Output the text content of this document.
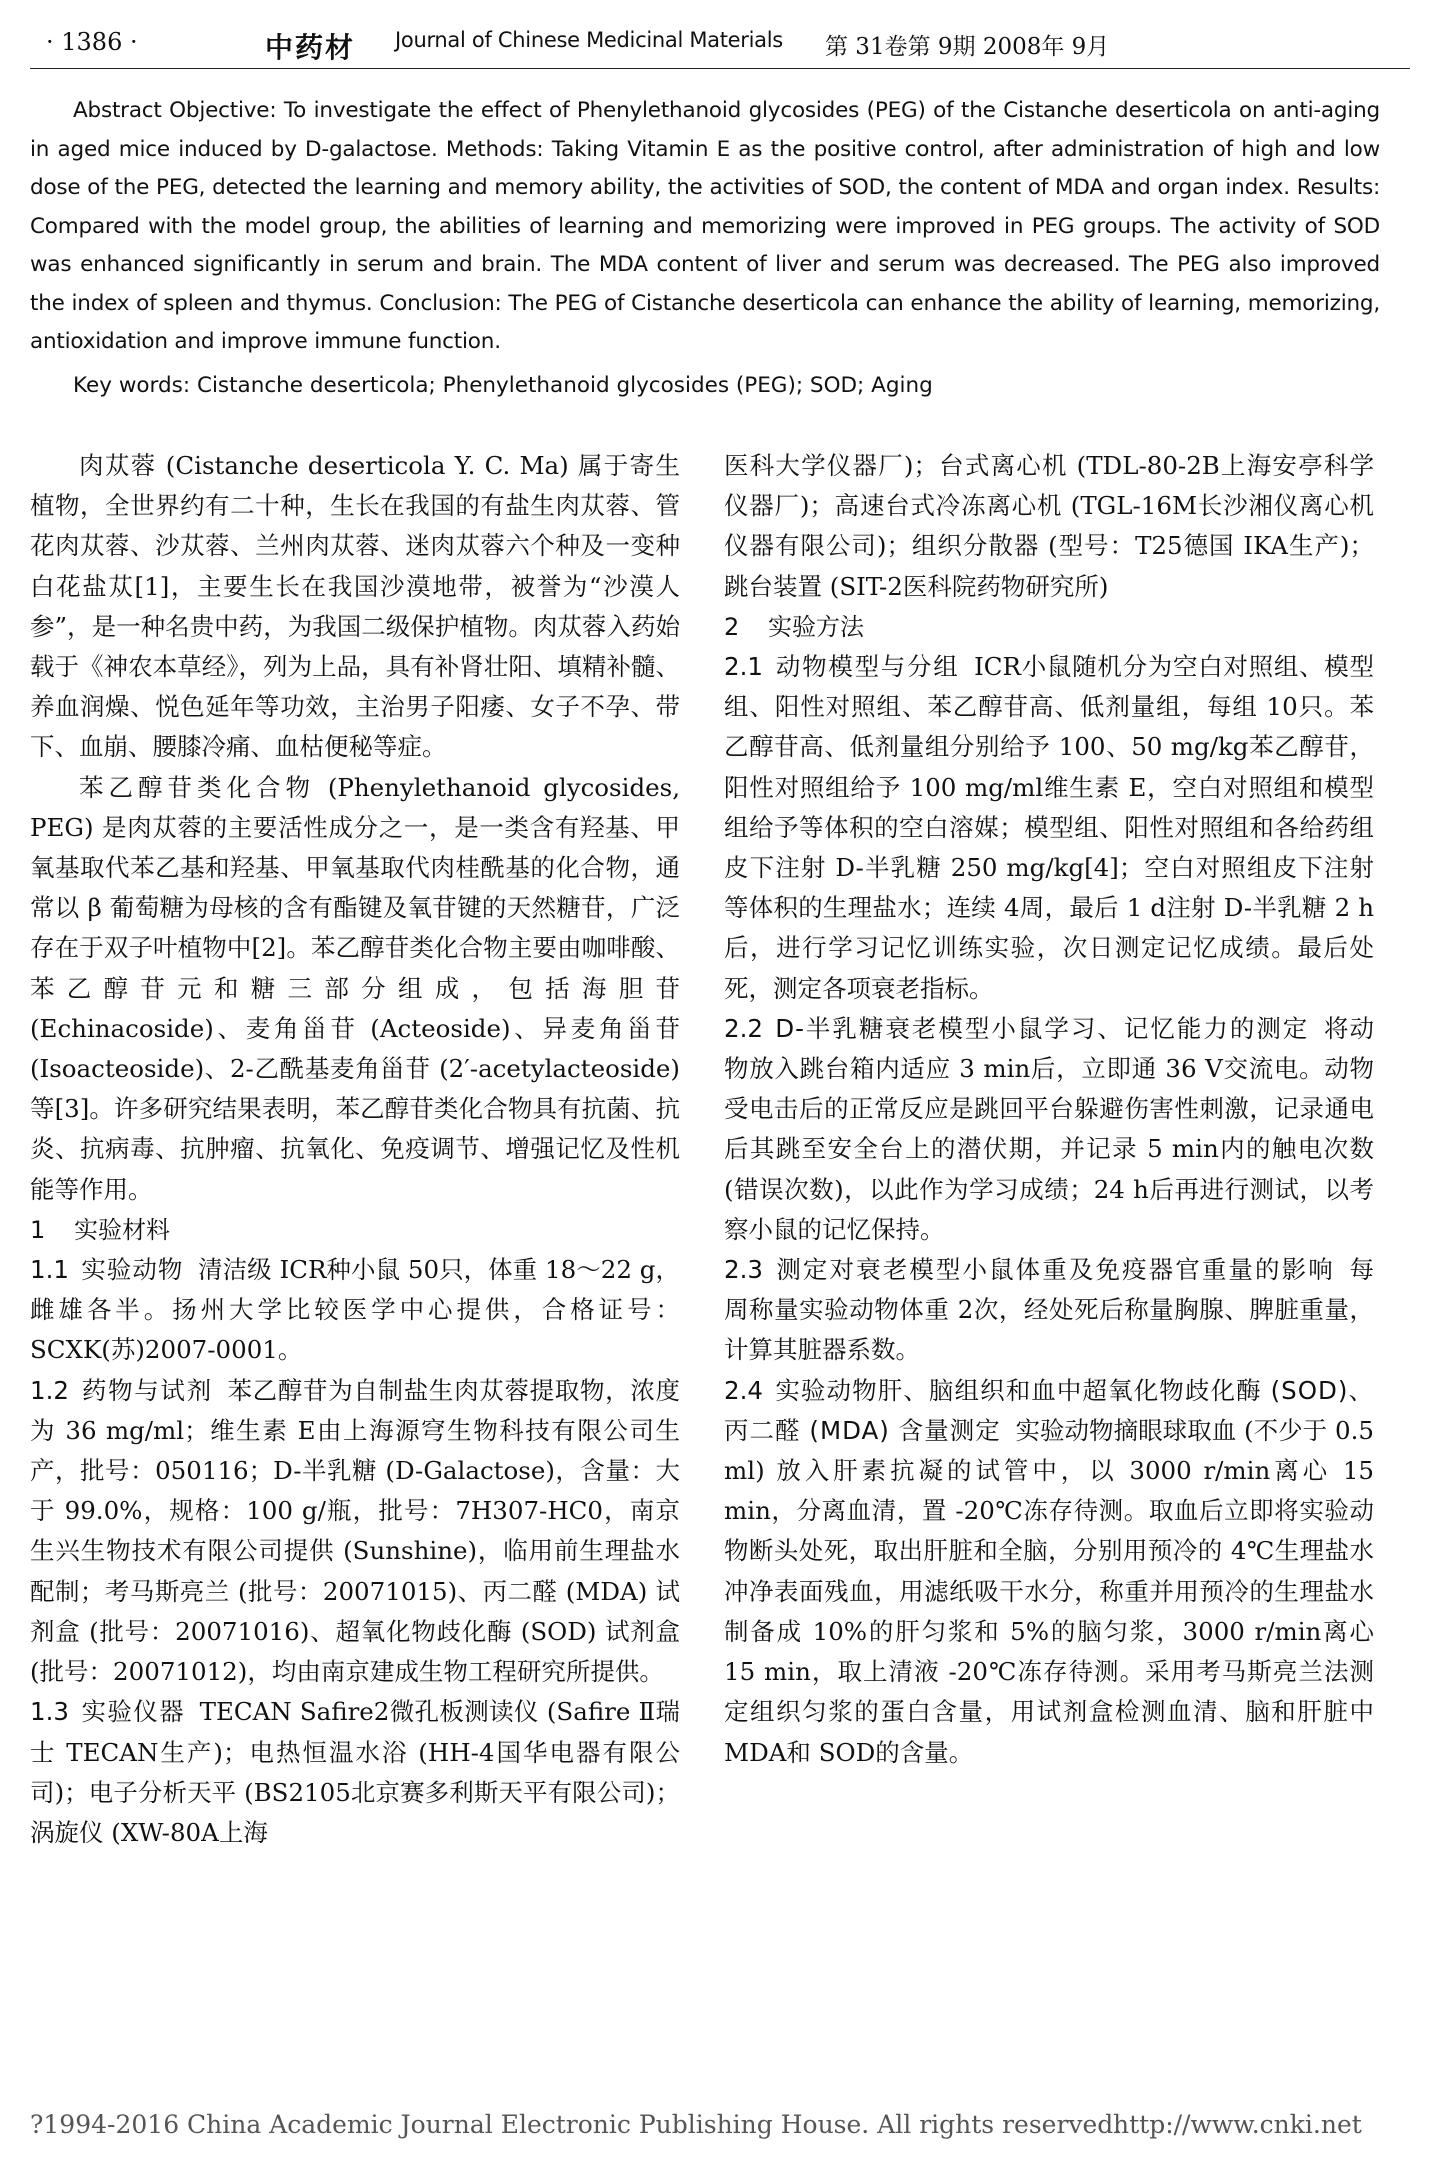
· 1386 ·	中药材 Journal of Chinese Medicinal Materials 第 31卷第 9期 2008年 9月
Abstract Objective: To investigate the effect of Phenylethanoid glycosides (PEG) of the Cistanche deserticola on anti-aging in aged mice induced by D-galactose. Methods: Taking Vitamin E as the positive control, after administration of high and low dose of the PEG, detected the learning and memory ability, the activities of SOD, the content of MDA and organ index. Results: Compared with the model group, the abilities of learning and memorizing were improved in PEG groups. The activity of SOD was enhanced significantly in serum and brain. The MDA content of liver and serum was decreased. The PEG also improved the index of spleen and thymus. Conclusion: The PEG of Cistanche deserticola can enhance the ability of learning, memorizing, antioxidation and improve immune function.
Key words: Cistanche deserticola; Phenylethanoid glycosides (PEG); SOD; Aging

肉苁蓉 (Cistanche deserticola Y. C. Ma) 属于寄生植物，全世界约有二十种，生长在我国的有盐生肉苁蓉、管花肉苁蓉、沙苁蓉、兰州肉苁蓉、迷肉苁蓉六个种及一变种白花盐苁[1]，主要生长在我国沙漠地带，被誉为“沙漠人参”，是一种名贵中药，为我国二级保护植物。肉苁蓉入药始载于《神农本草经》，列为上品，具有补肾壮阳、填精补髓、养血润燥、悦色延年等功效，主治男子阳痿、女子不孕、带下、血崩、腰膝冷痛、血枯便秘等症。

苯乙醇苷类化合物 (Phenylethanoid glycosides, PEG) 是肉苁蓉的主要活性成分之一，是一类含有羟基、甲氧基取代苯乙基和羟基、甲氧基取代肉桂酰基的化合物，通常以 β 葡萄糖为母核的含有酯键及氧苷键的天然糖苷，广泛存在于双子叶植物中[2]。苯乙醇苷类化合物主要由咖啡酸、苯乙醇苷元和糖三部分组成，包括海胆苷 (Echinacoside)、麦角甾苷 (Acteoside)、异麦角甾苷 (Isoacteoside)、2-乙酰基麦角甾苷 (2′-acetylacteoside) 等[3]。许多研究结果表明，苯乙醇苷类化合物具有抗菌、抗炎、抗病毒、抗肿瘤、抗氧化、免疫调节、增强记忆及性机能等作用。

1 实验材料

1.1 实验动物 清洁级 ICR种小鼠 50只，体重 18～22 g，雌雄各半。扬州大学比较医学中心提供，合格证号：SCXK(苏)2007-0001。

1.2 药物与试剂 苯乙醇苷为自制盐生肉苁蓉提取物，浓度为 36 mg/ml；维生素 E由上海源穹生物科技有限公司生产，批号：050116；D-半乳糖 (D-Galactose)，含量：大于 99.0%，规格：100 g/瓶，批号：7H307-HC0，南京生兴生物技术有限公司提供 (Sunshine)，临用前生理盐水配制；考马斯亮兰 (批号：20071015)、丙二醛 (MDA) 试剂盒 (批号：20071016)、超氧化物歧化酶 (SOD) 试剂盒 (批号：20071012)，均由南京建成生物工程研究所提供。

1.3 实验仪器 TECAN Safire2微孔板测读仪 (Safire Ⅱ瑞士 TECAN生产)；电热恒温水浴 (HH-4国华电器有限公司)；电子分析天平 (BS2105北京赛多利斯天平有限公司)；涡旋仪 (XW-80A上海

医科大学仪器厂)；台式离心机 (TDL-80-2B上海安亭科学仪器厂)；高速台式冷冻离心机 (TGL-16M长沙湘仪离心机仪器有限公司)；组织分散器 (型号：T25德国 IKA生产)；跳台装置 (SIT-2医科院药物研究所)

2 实验方法

2.1 动物模型与分组 ICR小鼠随机分为空白对照组、模型组、阳性对照组、苯乙醇苷高、低剂量组，每组 10只。苯乙醇苷高、低剂量组分别给予 100、50 mg/kg苯乙醇苷，阳性对照组给予 100 mg/ml维生素 E，空白对照组和模型组给予等体积的空白溶媒；模型组、阳性对照组和各给药组皮下注射 D-半乳糖 250 mg/kg[4]；空白对照组皮下注射等体积的生理盐水；连续 4周，最后 1 d注射 D-半乳糖 2 h后，进行学习记忆训练实验，次日测定记忆成绩。最后处死，测定各项衰老指标。

2.2 D-半乳糖衰老模型小鼠学习、记忆能力的测定 将动物放入跳台箱内适应 3 min后，立即通 36 V交流电。动物受电击后的正常反应是跳回平台躲避伤害性刺激，记录通电后其跳至安全台上的潜伏期，并记录 5 min内的触电次数 (错误次数)，以此作为学习成绩；24 h后再进行测试，以考察小鼠的记忆保持。

2.3 测定对衰老模型小鼠体重及免疫器官重量的影响 每周称量实验动物体重 2次，经处死后称量胸腺、脾脏重量，计算其脏器系数。

2.4 实验动物肝、脑组织和血中超氧化物歧化酶 (SOD)、丙二醛 (MDA) 含量测定 实验动物摘眼球取血 (不少于 0.5 ml) 放入肝素抗凝的试管中，以 3000 r/min离心 15 min，分离血清，置 -20℃冻存待测。取血后立即将实验动物断头处死，取出肝脏和全脑，分别用预冷的 4℃生理盐水冲净表面残血，用滤纸吸干水分，称重并用预冷的生理盐水制备成 10%的肝匀浆和 5%的脑匀浆，3000 r/min离心 15 min，取上清液 -20℃冻存待测。采用考马斯亮兰法测定组织匀浆的蛋白含量，用试剂盒检测血清、脑和肝脏中 MDA和 SOD的含量。

?1994-2016 China Academic Journal Electronic Publishing House. All rights reserved.
http://www.cnki.net
